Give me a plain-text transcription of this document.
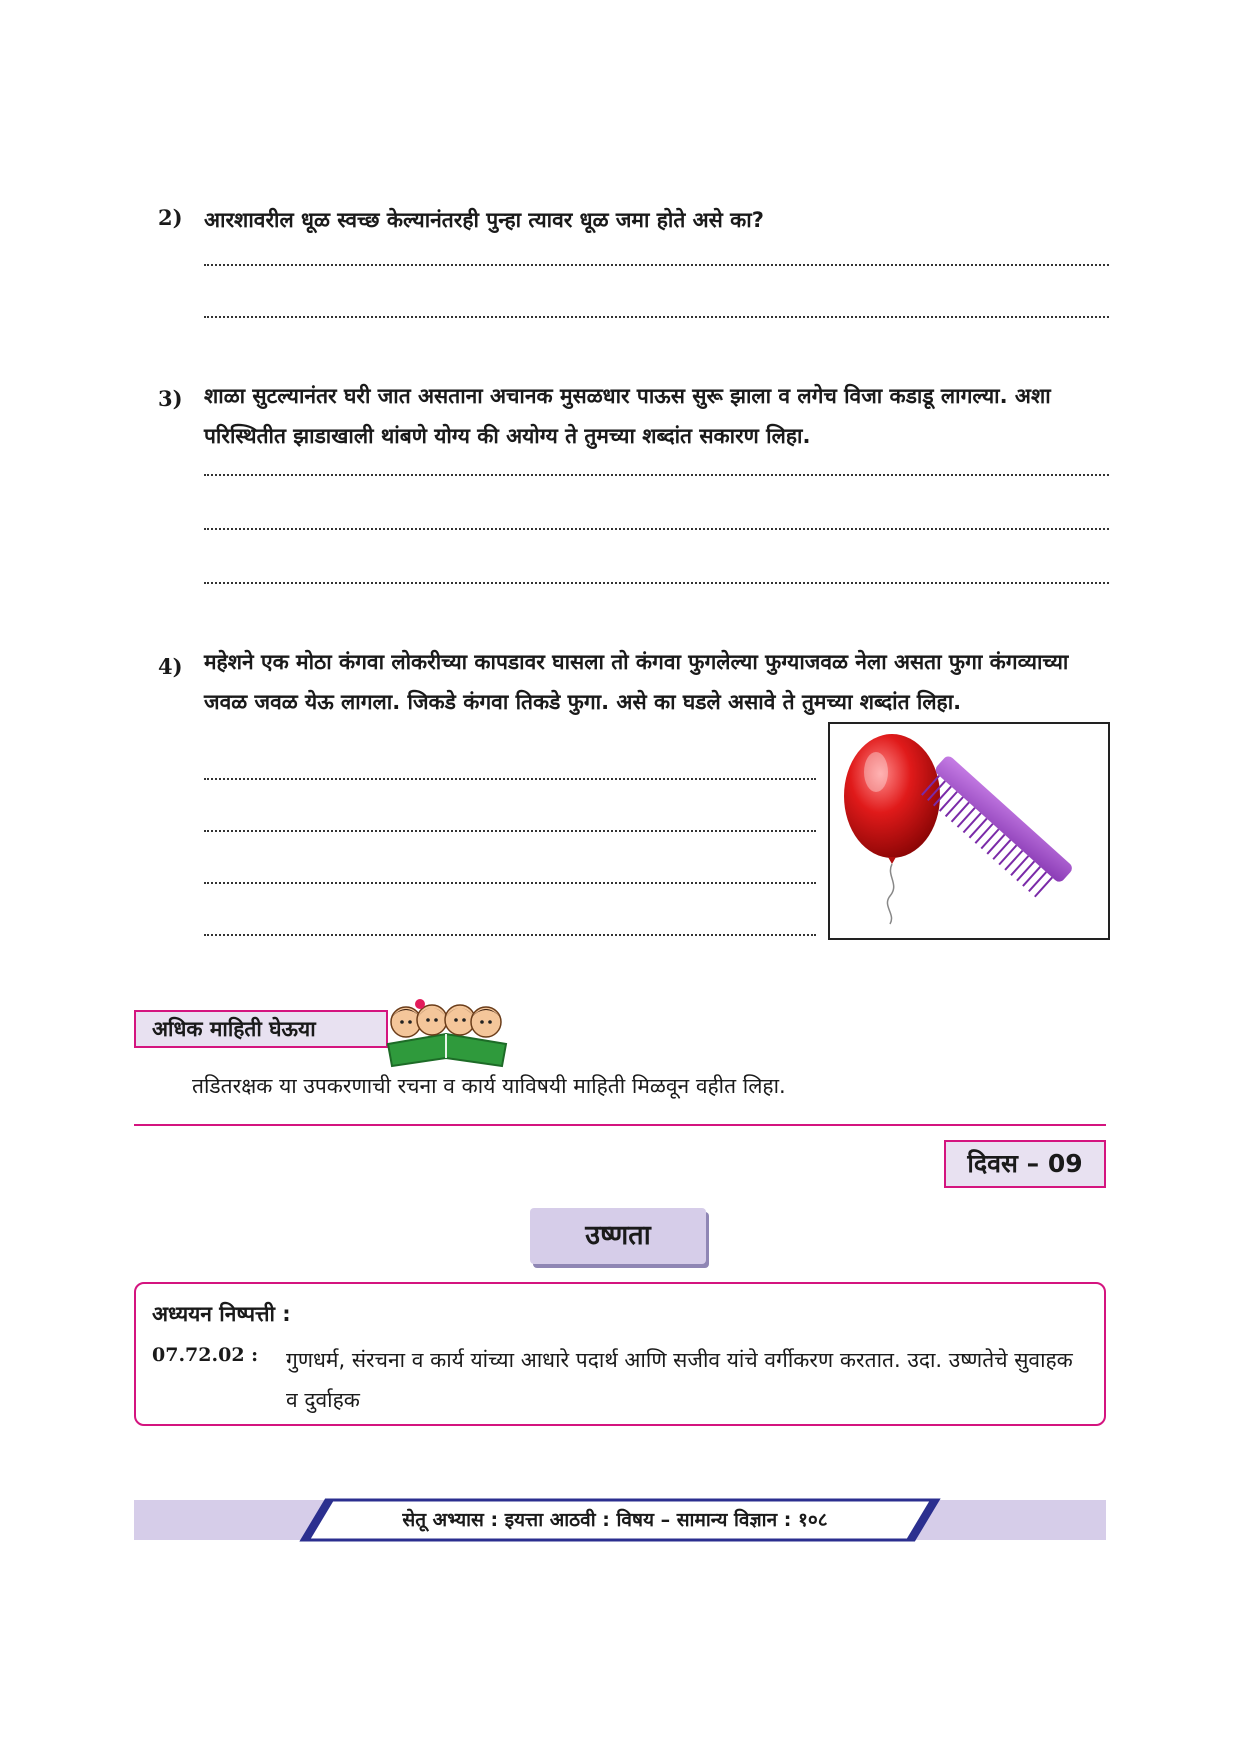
2) आरशावरील धूळ स्वच्छ केल्यानंतरही पुन्हा त्यावर धूळ जमा होते असे का?
3) शाळा सुटल्यानंतर घरी जात असताना अचानक मुसळधार पाऊस सुरू झाला व लगेच विजा कडाडू लागल्या. अशा परिस्थितीत झाडाखाली थांबणे योग्य की अयोग्य ते तुमच्या शब्दांत सकारण लिहा.
4) महेशने एक मोठा कंगवा लोकरीच्या कापडावर घासला तो कंगवा फुगलेल्या फुग्याजवळ नेला असता फुगा कंगव्याच्या जवळ जवळ येऊ लागला. जिकडे कंगवा तिकडे फुगा. असे का घडले असावे ते तुमच्या शब्दांत लिहा.
अधिक माहिती घेऊया
तडितरक्षक या उपकरणाची रचना व कार्य याविषयी माहिती मिळवून वहीत लिहा.
दिवस – 09
उष्णता
अध्ययन निष्पत्ती :
07.72.02 : गुणधर्म, संरचना व कार्य यांच्या आधारे पदार्थ आणि सजीव यांचे वर्गीकरण करतात. उदा. उष्णतेचे सुवाहक व दुर्वाहक
सेतू अभ्यास : इयत्ता आठवी : विषय – सामान्य विज्ञान : १०८
